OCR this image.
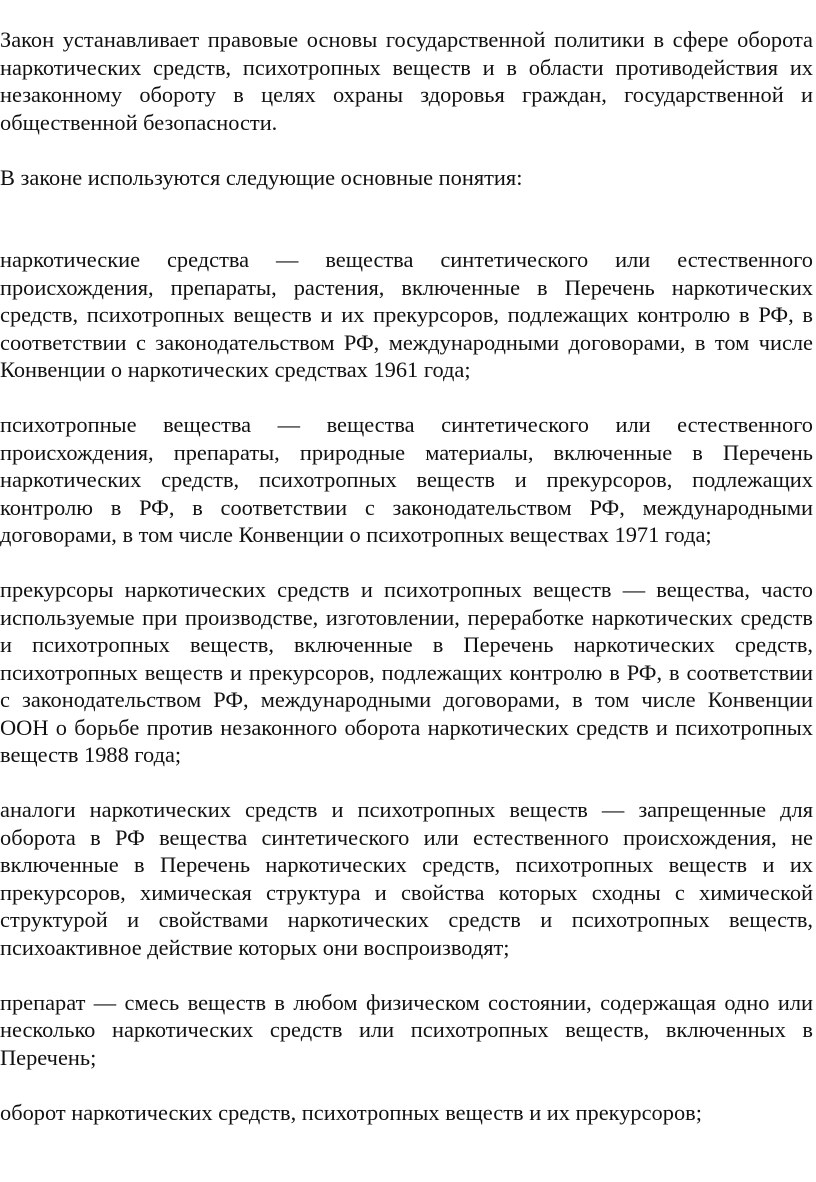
Закон устанавливает правовые основы государственной политики в сфере оборота наркотических средств, психотропных веществ и в области противодействия их незаконному обороту в целях охраны здоровья граждан, государственной и общественной безопасности.

В законе используются следующие основные понятия:

наркотические средства — вещества синтетического или естественного происхождения, препараты, растения, включенные в Перечень наркотических средств, психотропных веществ и их прекурсоров, подлежащих контролю в РФ, в соответствии с законодательством РФ, международными договорами, в том числе Конвенции о наркотических средствах 1961 года;

психотропные вещества — вещества синтетического или естественного происхождения, препараты, природные материалы, включенные в Перечень наркотических средств, психотропных веществ и прекурсоров, подлежащих контролю в РФ, в соответствии с законодательством РФ, международными договорами, в том числе Конвенции о психотропных веществах 1971 года;

прекурсоры наркотических средств и психотропных веществ — вещества, часто используемые при производстве, изготовлении, переработке наркотических средств и психотропных веществ, включенные в Перечень наркотических средств, психотропных веществ и прекурсоров, подлежащих контролю в РФ, в соответствии с законодательством РФ, международными договорами, в том числе Конвенции ООН о борьбе против незаконного оборота наркотических средств и психотропных веществ 1988 года;

аналоги наркотических средств и психотропных веществ — запрещенные для оборота в РФ вещества синтетического или естественного происхождения, не включенные в Перечень наркотических средств, психотропных веществ и их прекурсоров, химическая структура и свойства которых сходны с химической структурой и свойствами наркотических средств и психотропных веществ, психоактивное действие которых они воспроизводят;

препарат — смесь веществ в любом физическом состоянии, содержащая одно или несколько наркотических средств или психотропных веществ, включенных в Перечень;

оборот наркотических средств, психотропных веществ и их прекурсоров;
